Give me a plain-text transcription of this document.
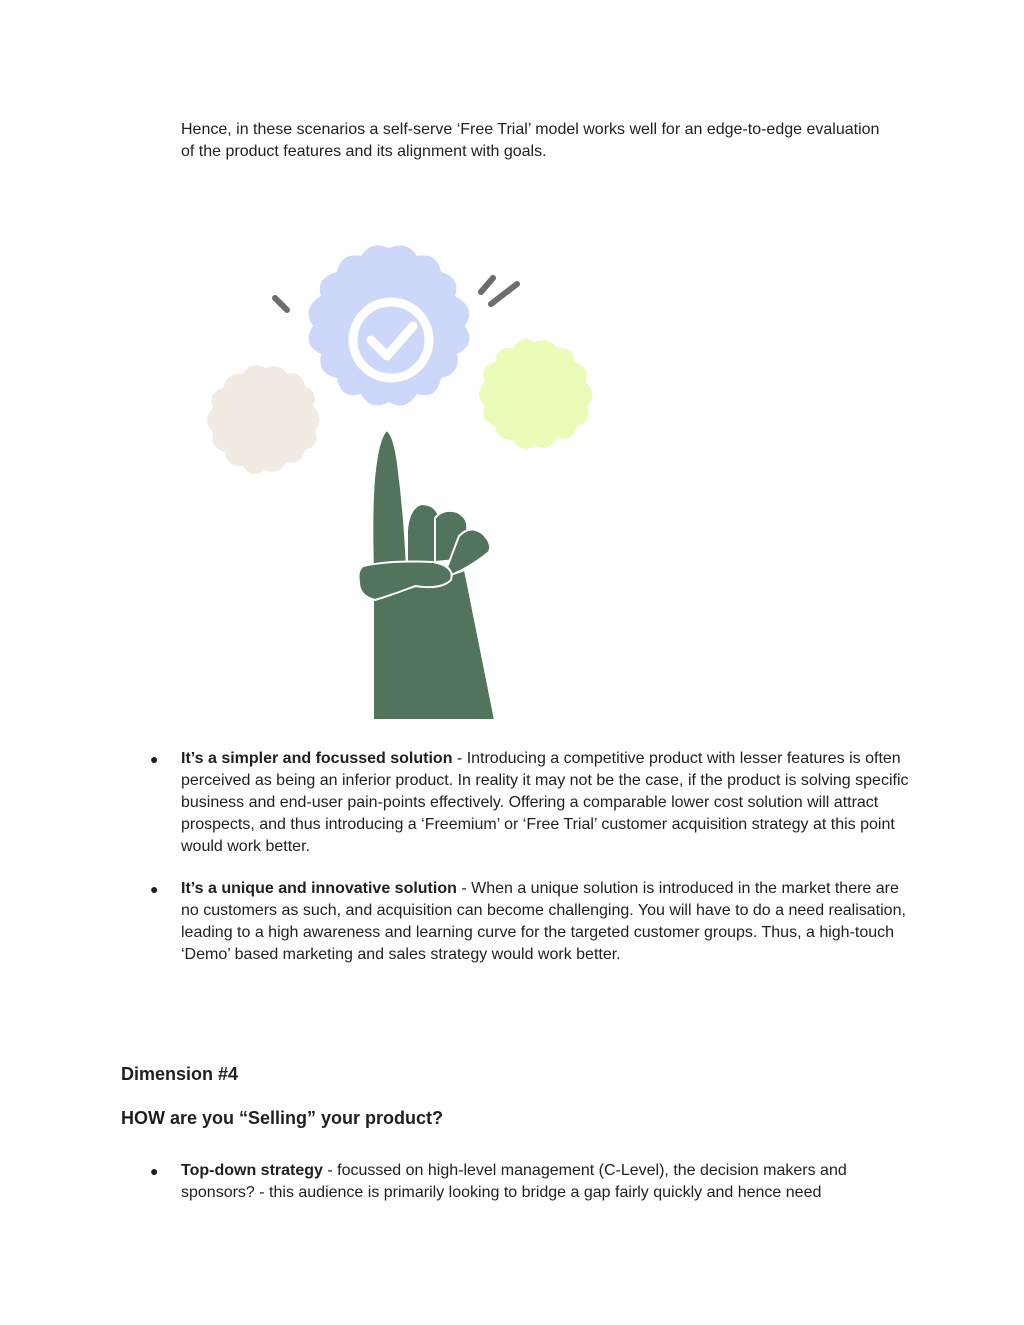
Hence, in these scenarios a self-serve ‘Free Trial’ model works well for an edge-to-edge evaluation of the product features and its alignment with goals.

●	It’s a simpler and focussed solution - Introducing a competitive product with lesser features is often perceived as being an inferior product. In reality it may not be the case, if the product is solving specific business and end-user pain-points effectively. Offering a comparable lower cost solution will attract prospects, and thus introducing a ‘Freemium’ or ‘Free Trial’ customer acquisition strategy at this point would work better.
●	It’s a unique and innovative solution - When a unique solution is introduced in the market there are no customers as such, and acquisition can become challenging. You will have to do a need realisation, leading to a high awareness and learning curve for the targeted customer groups. Thus, a high-touch ‘Demo’ based marketing and sales strategy would work better.
Dimension #4
HOW are you “Selling” your product?
●	Top-down strategy - focussed on high-level management (C-Level), the decision makers and sponsors? - this audience is primarily looking to bridge a gap fairly quickly and hence need
